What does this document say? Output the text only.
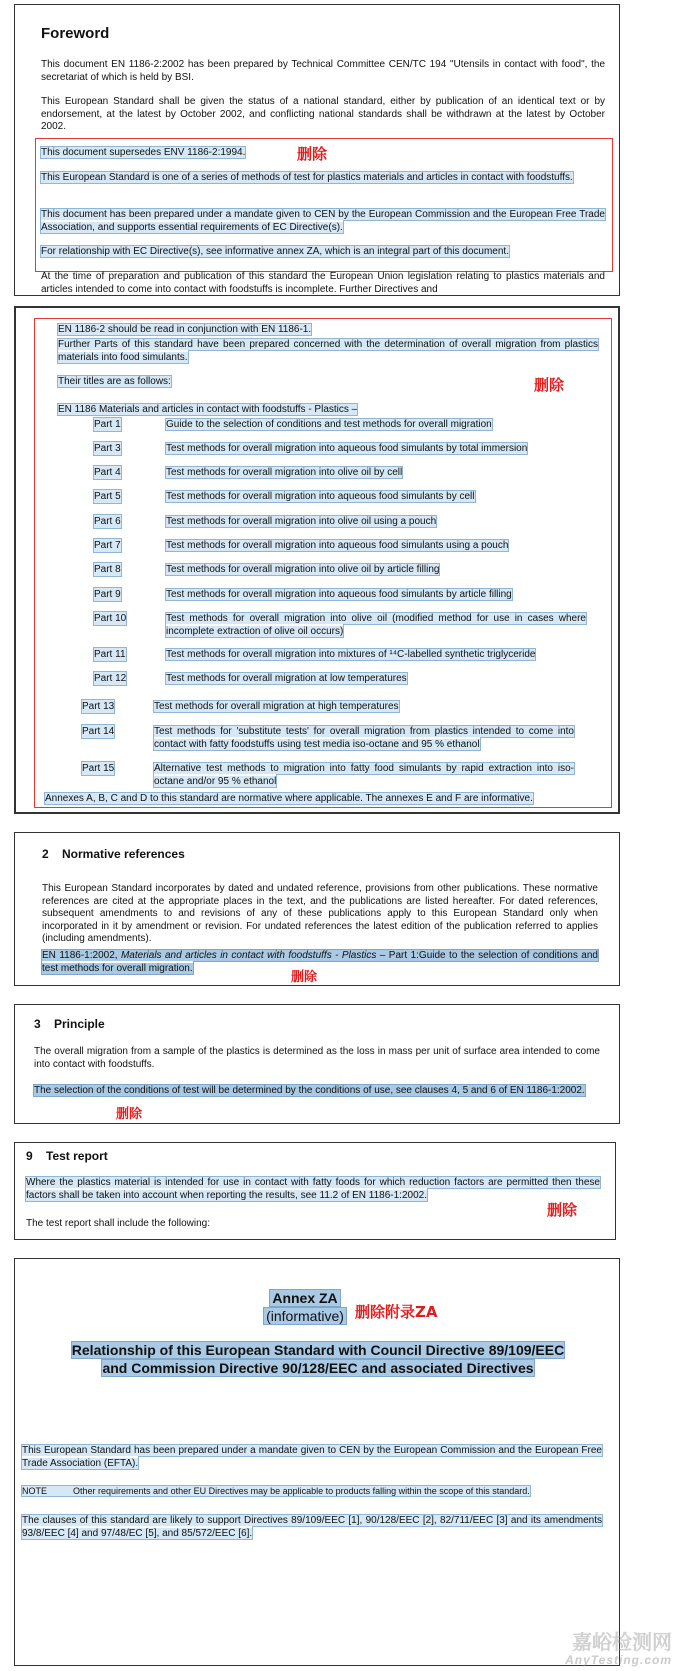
Foreword
This document EN 1186-2:2002 has been prepared by Technical Committee CEN/TC 194 "Utensils in contact with food", the secretariat of which is held by BSI.
This European Standard shall be given the status of a national standard, either by publication of an identical text or by endorsement, at the latest by October 2002, and conflicting national standards shall be withdrawn at the latest by October 2002.
This document supersedes ENV 1186-2:1994.	删除
This European Standard is one of a series of methods of test for plastics materials and articles in contact with foodstuffs.
This document has been prepared under a mandate given to CEN by the European Commission and the European Free Trade Association, and supports essential requirements of EC Directive(s).
For relationship with EC Directive(s), see informative annex ZA, which is an integral part of this document.
At the time of preparation and publication of this standard the European Union legislation relating to plastics materials and articles intended to come into contact with foodstuffs is incomplete. Further Directives and
EN 1186-2 should be read in conjunction with EN 1186-1.
Further Parts of this standard have been prepared concerned with the determination of overall migration from plastics materials into food simulants.
Their titles are as follows:	删除
EN 1186 Materials and articles in contact with foodstuffs - Plastics –
Part 1	Guide to the selection of conditions and test methods for overall migration
Part 3	Test methods for overall migration into aqueous food simulants by total immersion
Part 4	Test methods for overall migration into olive oil by cell
Part 5	Test methods for overall migration into aqueous food simulants by cell
Part 6	Test methods for overall migration into olive oil using a pouch
Part 7	Test methods for overall migration into aqueous food simulants using a pouch
Part 8	Test methods for overall migration into olive oil by article filling
Part 9	Test methods for overall migration into aqueous food simulants by article filling
Part 10	Test methods for overall migration into olive oil (modified method for use in cases where incomplete extraction of olive oil occurs)
Part 11	Test methods for overall migration into mixtures of ¹⁴C-labelled synthetic triglyceride
Part 12	Test methods for overall migration at low temperatures
Part 13	Test methods for overall migration at high temperatures
Part 14	Test methods for 'substitute tests' for overall migration from plastics intended to come into contact with fatty foodstuffs using test media iso-octane and 95 % ethanol
Part 15	Alternative test methods to migration into fatty food simulants by rapid extraction into iso-octane and/or 95 % ethanol
Annexes A, B, C and D to this standard are normative where applicable. The annexes E and F are informative.
2    Normative references
This European Standard incorporates by dated and undated reference, provisions from other publications. These normative references are cited at the appropriate places in the text, and the publications are listed hereafter. For dated references, subsequent amendments to and revisions of any of these publications apply to this European Standard only when incorporated in it by amendment or revision. For undated references the latest edition of the publication referred to applies (including amendments).
EN 1186-1:2002, Materials and articles in contact with foodstuffs - Plastics – Part 1:Guide to the selection of conditions and test methods for overall migration.
删除
3    Principle
The overall migration from a sample of the plastics is determined as the loss in mass per unit of surface area intended to come into contact with foodstuffs.
The selection of the conditions of test will be determined by the conditions of use, see clauses 4, 5 and 6 of EN 1186-1:2002.
删除
9    Test report
Where the plastics material is intended for use in contact with fatty foods for which reduction factors are permitted then these factors shall be taken into account when reporting the results, see 11.2 of EN 1186-1:2002.
The test report shall include the following:
删除
Annex ZA
(informative) 删除附录ZA
Relationship of this European Standard with Council Directive 89/109/EEC
and Commission Directive 90/128/EEC and associated Directives
This European Standard has been prepared under a mandate given to CEN by the European Commission and the European Free Trade Association (EFTA).
NOTE	Other requirements and other EU Directives may be applicable to products falling within the scope of this standard.
The clauses of this standard are likely to support Directives 89/109/EEC [1], 90/128/EEC [2], 82/711/EEC [3] and its amendments 93/8/EEC [4] and 97/48/EC [5], and 85/572/EEC [6].
嘉峪检测网
AnyTesting.com
